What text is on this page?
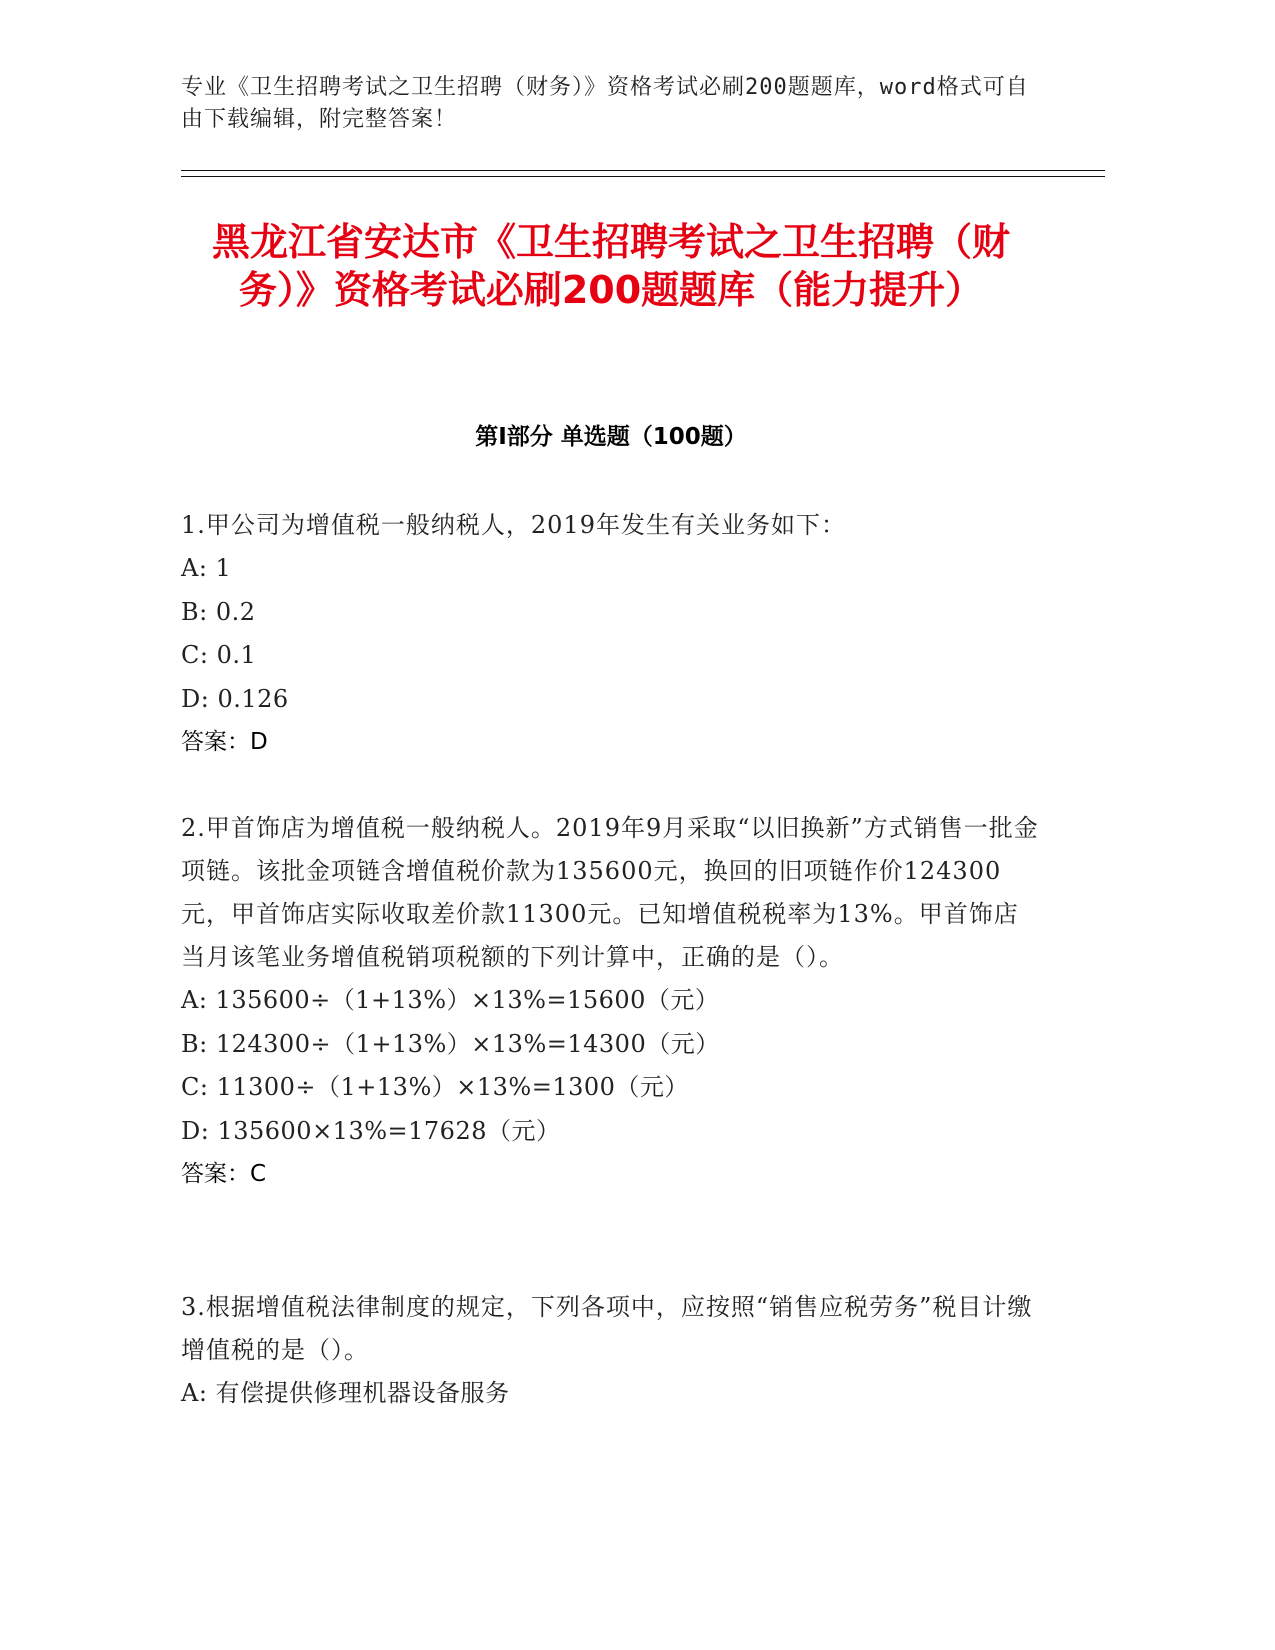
专业《卫生招聘考试之卫生招聘（财务）》资格考试必刷200题题库，word格式可自由下载编辑，附完整答案！
黑龙江省安达市《卫生招聘考试之卫生招聘（财务）》资格考试必刷200题题库（能力提升）
第I部分 单选题（100题）
1.甲公司为增值税一般纳税人，2019年发生有关业务如下：
A: 1
B: 0.2
C: 0.1
D: 0.126
答案：D
2.甲首饰店为增值税一般纳税人。2019年9月采取“以旧换新”方式销售一批金项链。该批金项链含增值税价款为135600元，换回的旧项链作价124300元，甲首饰店实际收取差价款11300元。已知增值税税率为13%。甲首饰店当月该笔业务增值税销项税额的下列计算中，正确的是（）。
A: 135600÷（1+13%）×13%=15600（元）
B: 124300÷（1+13%）×13%=14300（元）
C: 11300÷（1+13%）×13%=1300（元）
D: 135600×13%=17628（元）
答案：C
3.根据增值税法律制度的规定，下列各项中，应按照“销售应税劳务”税目计缴增值税的是（）。
A: 有偿提供修理机器设备服务
